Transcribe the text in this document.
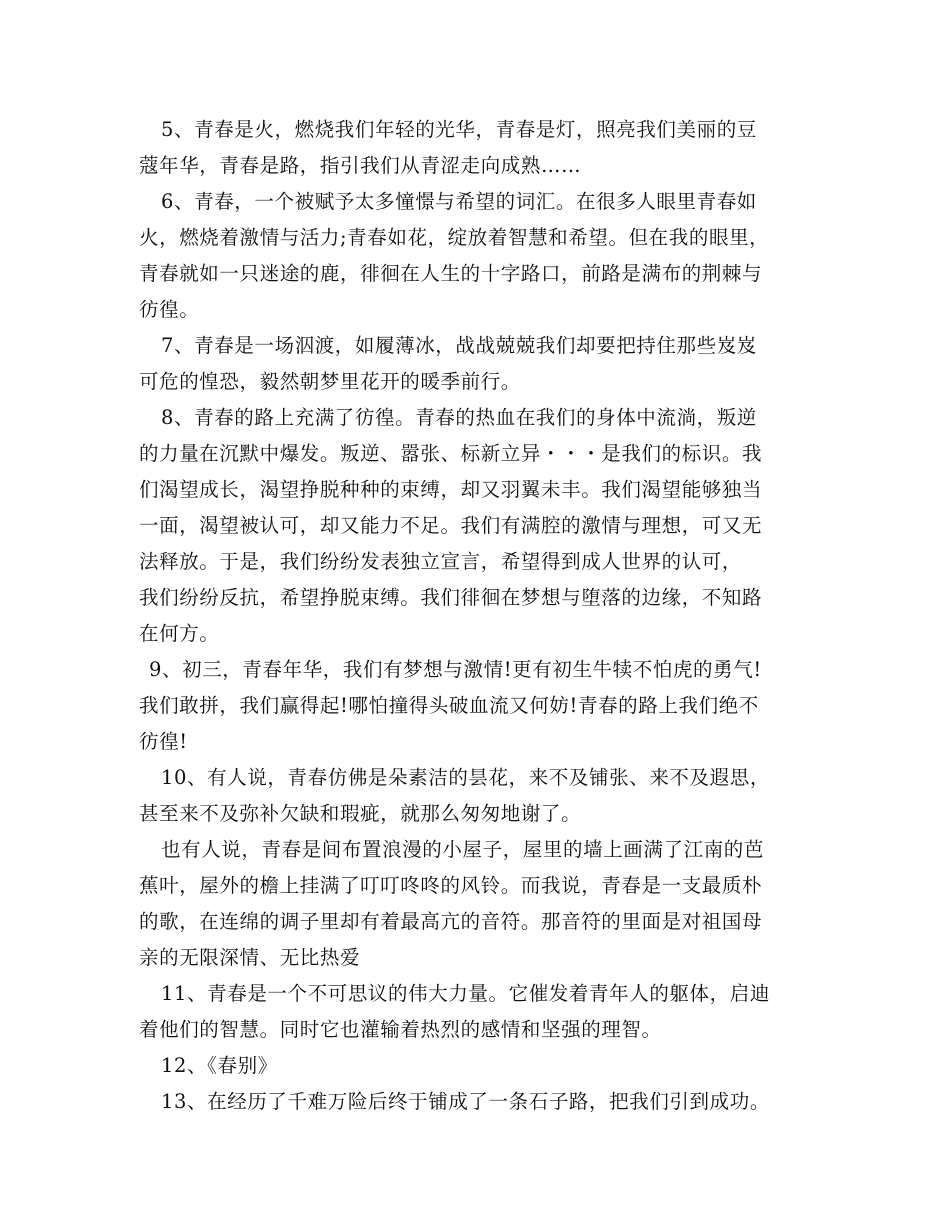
5、青春是火，燃烧我们年轻的光华，青春是灯，照亮我们美丽的豆
蔻年华，青春是路，指引我们从青涩走向成熟……
6、青春，一个被赋予太多憧憬与希望的词汇。在很多人眼里青春如
火，燃烧着激情与活力;青春如花，绽放着智慧和希望。但在我的眼里，
青春就如一只迷途的鹿，徘徊在人生的十字路口，前路是满布的荆棘与
彷徨。
7、青春是一场泅渡，如履薄冰，战战兢兢我们却要把持住那些岌岌
可危的惶恐，毅然朝梦里花开的暖季前行。
8、青春的路上充满了彷徨。青春的热血在我们的身体中流淌，叛逆
的力量在沉默中爆发。叛逆、嚣张、标新立异・・・是我们的标识。我
们渴望成长，渴望挣脱种种的束缚，却又羽翼未丰。我们渴望能够独当
一面，渴望被认可，却又能力不足。我们有满腔的激情与理想，可又无
法释放。于是，我们纷纷发表独立宣言，希望得到成人世界的认可，
我们纷纷反抗，希望挣脱束缚。我们徘徊在梦想与堕落的边缘，不知路
在何方。
9、初三，青春年华，我们有梦想与激情!更有初生牛犊不怕虎的勇气!
我们敢拼，我们赢得起!哪怕撞得头破血流又何妨!青春的路上我们绝不
彷徨!
10、有人说，青春仿佛是朵素洁的昙花，来不及铺张、来不及遐思，
甚至来不及弥补欠缺和瑕疵，就那么匆匆地谢了。
也有人说，青春是间布置浪漫的小屋子，屋里的墙上画满了江南的芭
蕉叶，屋外的檐上挂满了叮叮咚咚的风铃。而我说，青春是一支最质朴
的歌，在连绵的调子里却有着最高亢的音符。那音符的里面是对祖国母
亲的无限深情、无比热爱
11、青春是一个不可思议的伟大力量。它催发着青年人的躯体，启迪
着他们的智慧。同时它也灌输着热烈的感情和坚强的理智。
12、《春别》
13、在经历了千难万险后终于铺成了一条石子路，把我们引到成功。
